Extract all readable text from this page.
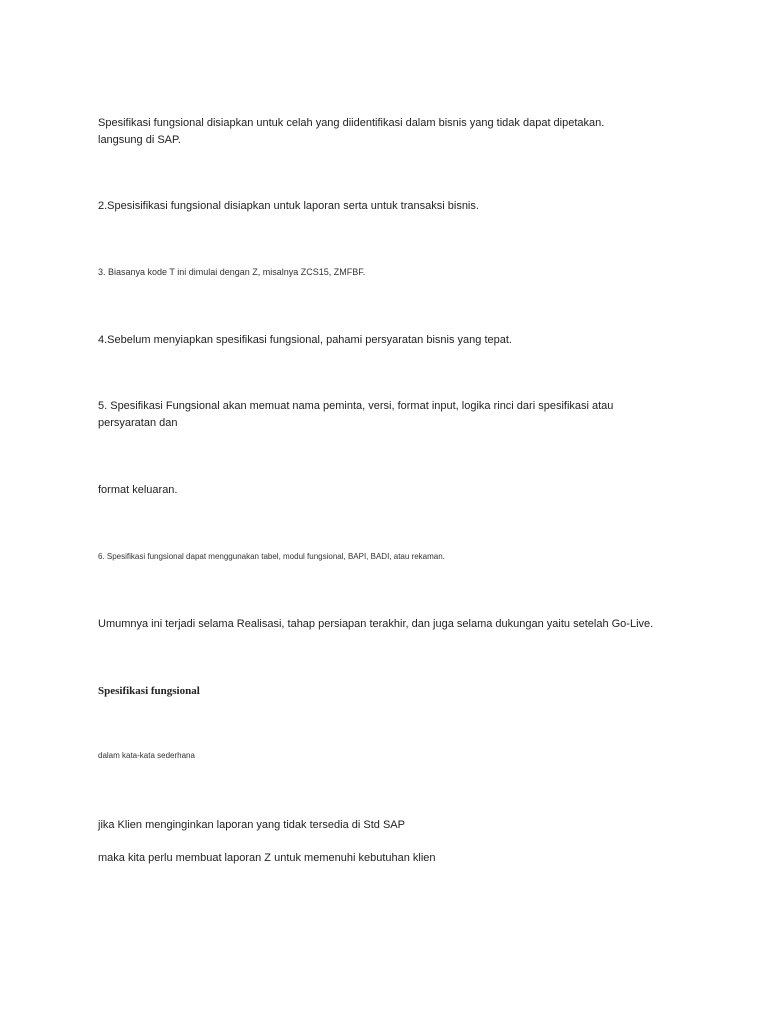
Spesifikasi fungsional disiapkan untuk celah yang diidentifikasi dalam bisnis yang tidak dapat dipetakan. langsung di SAP.

2.Spesisifikasi fungsional disiapkan untuk laporan serta untuk transaksi bisnis.

3. Biasanya kode T ini dimulai dengan Z, misalnya ZCS15, ZMFBF.

4.Sebelum menyiapkan spesifikasi fungsional, pahami persyaratan bisnis yang tepat.

5. Spesifikasi Fungsional akan memuat nama peminta, versi, format input, logika rinci dari spesifikasi atau persyaratan dan

format keluaran.

6. Spesifikasi fungsional dapat menggunakan tabel, modul fungsional, BAPI, BADI, atau rekaman.

Umumnya ini terjadi selama Realisasi, tahap persiapan terakhir, dan juga selama dukungan yaitu setelah Go-Live.

Spesifikasi fungsional

dalam kata-kata sederhana

jika Klien menginginkan laporan yang tidak tersedia di Std SAP

maka kita perlu membuat laporan Z untuk memenuhi kebutuhan klien
